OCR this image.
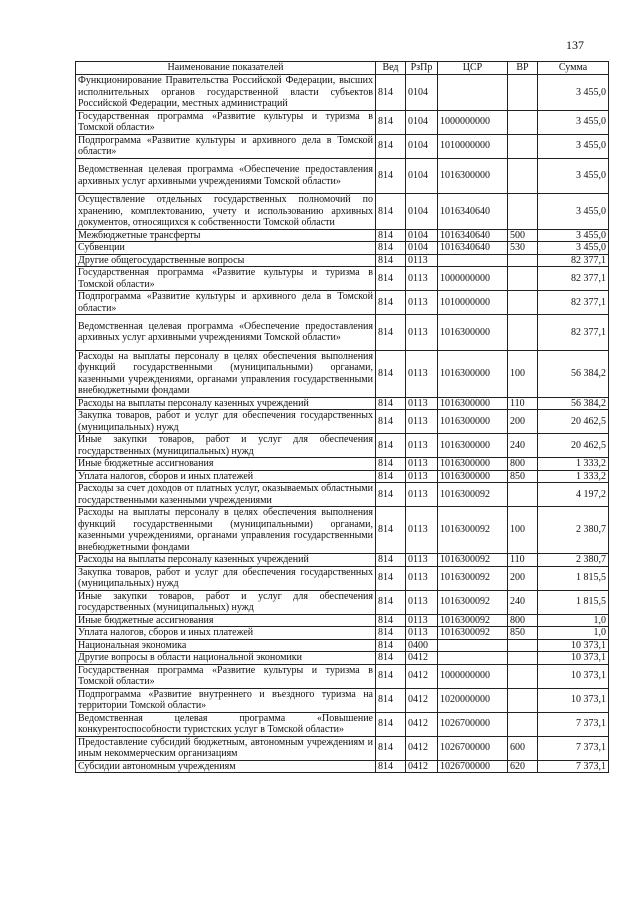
137
Наименование показателей	Вед	РзПр	ЦСР	ВР	Сумма
Функционирование Правительства Российской Федерации, высших исполнительных органов государственной власти субъектов Российской Федерации, местных администраций	814	0104			3 455,0
Государственная программа «Развитие культуры и туризма в Томской области»	814	0104	1000000000		3 455,0
Подпрограмма «Развитие культуры и архивного дела в Томской области»	814	0104	1010000000		3 455,0
Ведомственная целевая программа «Обеспечение предоставления архивных услуг архивными учреждениями Томской области»	814	0104	1016300000		3 455,0
Осуществление отдельных государственных полномочий по хранению, комплектованию, учету и использованию архивных документов, относящихся к собственности Томской области	814	0104	1016340640		3 455,0
Межбюджетные трансферты	814	0104	1016340640	500	3 455,0
Субвенции	814	0104	1016340640	530	3 455,0
Другие общегосударственные вопросы	814	0113			82 377,1
Государственная программа «Развитие культуры и туризма в Томской области»	814	0113	1000000000		82 377,1
Подпрограмма «Развитие культуры и архивного дела в Томской области»	814	0113	1010000000		82 377,1
Ведомственная целевая программа «Обеспечение предоставления архивных услуг архивными учреждениями Томской области»	814	0113	1016300000		82 377,1
Расходы на выплаты персоналу в целях обеспечения выполнения функций государственными (муниципальными) органами, казенными учреждениями, органами управления государственными внебюджетными фондами	814	0113	1016300000	100	56 384,2
Расходы на выплаты персоналу казенных учреждений	814	0113	1016300000	110	56 384,2
Закупка товаров, работ и услуг для обеспечения государственных (муниципальных) нужд	814	0113	1016300000	200	20 462,5
Иные закупки товаров, работ и услуг для обеспечения государственных (муниципальных) нужд	814	0113	1016300000	240	20 462,5
Иные бюджетные ассигнования	814	0113	1016300000	800	1 333,2
Уплата налогов, сборов и иных платежей	814	0113	1016300000	850	1 333,2
Расходы за счет доходов от платных услуг, оказываемых областными государственными казенными учреждениями	814	0113	1016300092		4 197,2
Расходы на выплаты персоналу в целях обеспечения выполнения функций государственными (муниципальными) органами, казенными учреждениями, органами управления государственными внебюджетными фондами	814	0113	1016300092	100	2 380,7
Расходы на выплаты персоналу казенных учреждений	814	0113	1016300092	110	2 380,7
Закупка товаров, работ и услуг для обеспечения государственных (муниципальных) нужд	814	0113	1016300092	200	1 815,5
Иные закупки товаров, работ и услуг для обеспечения государственных (муниципальных) нужд	814	0113	1016300092	240	1 815,5
Иные бюджетные ассигнования	814	0113	1016300092	800	1,0
Уплата налогов, сборов и иных платежей	814	0113	1016300092	850	1,0
Национальная экономика	814	0400			10 373,1
Другие вопросы в области национальной экономики	814	0412			10 373,1
Государственная программа «Развитие культуры и туризма в Томской области»	814	0412	1000000000		10 373,1
Подпрограмма «Развитие внутреннего и въездного туризма на территории Томской области»	814	0412	1020000000		10 373,1
Ведомственная целевая программа «Повышение конкурентоспособности туристских услуг в Томской области»	814	0412	1026700000		7 373,1
Предоставление субсидий бюджетным, автономным учреждениям и иным некоммерческим организациям	814	0412	1026700000	600	7 373,1
Субсидии автономным учреждениям	814	0412	1026700000	620	7 373,1
